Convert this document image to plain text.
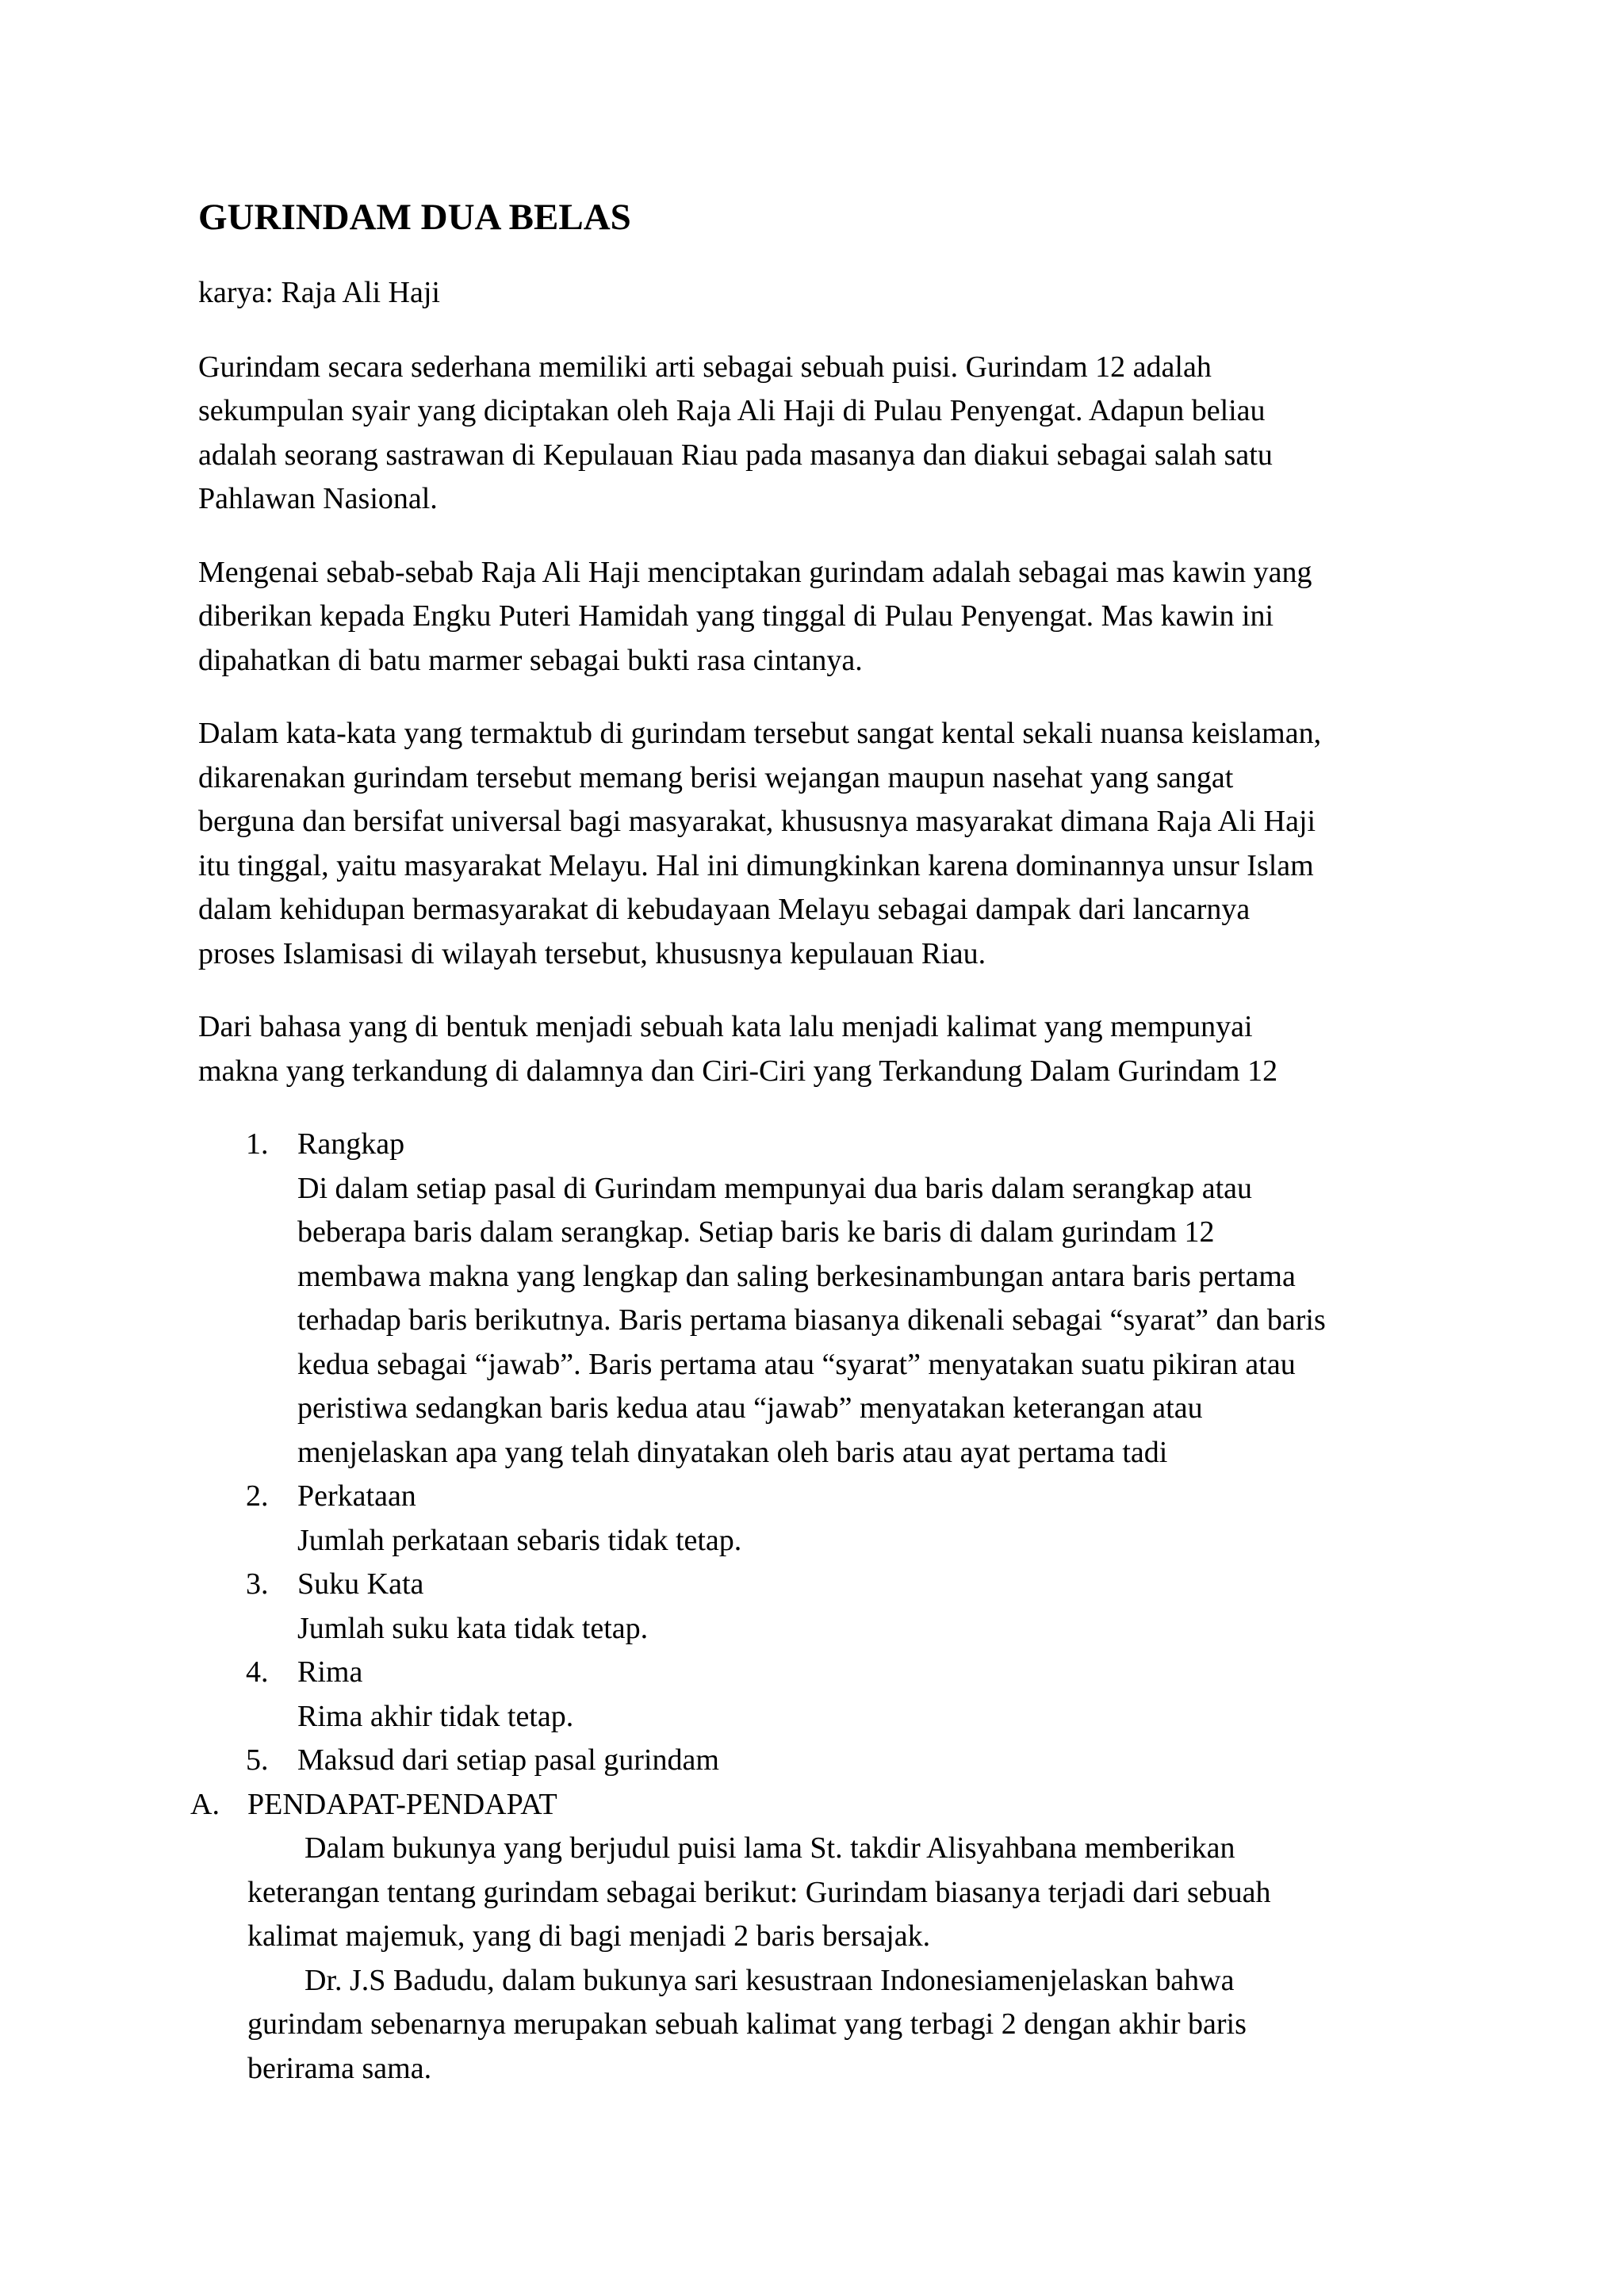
GURINDAM DUA BELAS
karya: Raja Ali Haji
Gurindam secara sederhana memiliki arti sebagai sebuah puisi. Gurindam 12 adalah
sekumpulan syair yang diciptakan oleh Raja Ali Haji di Pulau Penyengat. Adapun beliau
adalah seorang sastrawan di Kepulauan Riau pada masanya dan diakui sebagai salah satu
Pahlawan Nasional.
Mengenai sebab-sebab Raja Ali Haji menciptakan gurindam adalah sebagai mas kawin yang
diberikan kepada Engku Puteri Hamidah yang tinggal di Pulau Penyengat. Mas kawin ini
dipahatkan di batu marmer sebagai bukti rasa cintanya.
Dalam kata-kata yang termaktub di gurindam tersebut sangat kental sekali nuansa keislaman,
dikarenakan gurindam tersebut memang berisi wejangan maupun nasehat yang sangat
berguna dan bersifat universal bagi masyarakat, khususnya masyarakat dimana Raja Ali Haji
itu tinggal, yaitu masyarakat Melayu. Hal ini dimungkinkan karena dominannya unsur Islam
dalam kehidupan bermasyarakat di kebudayaan Melayu sebagai dampak dari lancarnya
proses Islamisasi di wilayah tersebut, khususnya kepulauan Riau.
Dari bahasa yang di bentuk menjadi sebuah kata lalu menjadi kalimat yang mempunyai
makna yang terkandung di dalamnya dan Ciri-Ciri yang Terkandung Dalam Gurindam 12
1. Rangkap
Di dalam setiap pasal di Gurindam mempunyai dua baris dalam serangkap atau
beberapa baris dalam serangkap. Setiap baris ke baris di dalam gurindam 12
membawa makna yang lengkap dan saling berkesinambungan antara baris pertama
terhadap baris berikutnya. Baris pertama biasanya dikenali sebagai “syarat” dan baris
kedua sebagai “jawab”. Baris pertama atau “syarat” menyatakan suatu pikiran atau
peristiwa sedangkan baris kedua atau “jawab” menyatakan keterangan atau
menjelaskan apa yang telah dinyatakan oleh baris atau ayat pertama tadi
2. Perkataan
Jumlah perkataan sebaris tidak tetap.
3. Suku Kata
Jumlah suku kata tidak tetap.
4. Rima
Rima akhir tidak tetap.
5. Maksud dari setiap pasal gurindam
A. PENDAPAT-PENDAPAT
Dalam bukunya yang berjudul puisi lama St. takdir Alisyahbana memberikan
keterangan tentang gurindam sebagai berikut: Gurindam biasanya terjadi dari sebuah
kalimat majemuk, yang di bagi menjadi 2 baris bersajak.
Dr. J.S Badudu, dalam bukunya sari kesustraan Indonesiamenjelaskan bahwa
gurindam sebenarnya merupakan sebuah kalimat yang terbagi 2 dengan akhir baris
berirama sama.
